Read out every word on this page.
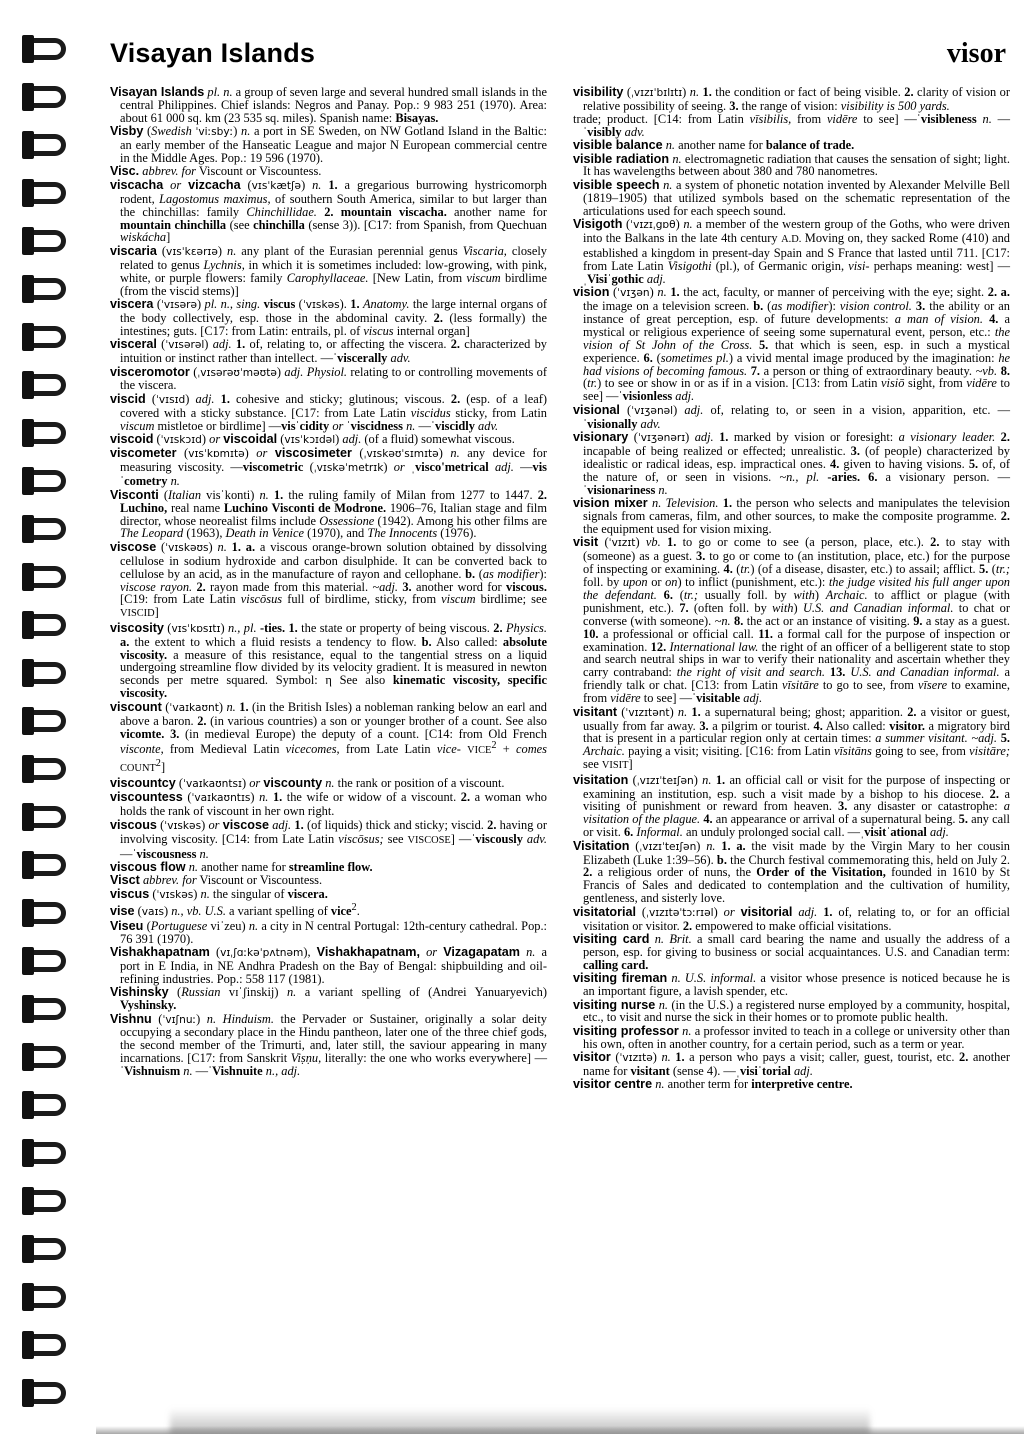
Visayan Islands	visor

Visayan Islands pl. n. a group of seven large and several hundred small islands in the central Philippines. Chief islands: Negros and Panay. Pop.: 9 983 251 (1970). Area: about 61 000 sq. km (23 535 sq. miles). Spanish name: Bisayas.

Visby (Swedish ˈviːsbyː) n. a port in SE Sweden, on NW Gotland Island in the Baltic: an early member of the Hanseatic League and major N European commercial centre in the Middle Ages. Pop.: 19 596 (1970).

Visc. abbrev. for Viscount or Viscountess.

viscacha or vizcacha (vɪsˈkætʃə) n. 1. a gregarious burrowing hystricomorph rodent, Lagostomus maximus, of southern South America, similar to but larger than the chinchillas: family Chinchillidae. 2. mountain viscacha. another name for mountain chinchilla (see chinchilla (sense 3)). [C17: from Spanish, from Quechuan wiskácha]

viscaria (vɪsˈkɛərɪə) n. any plant of the Eurasian perennial genus Viscaria, closely related to genus Lychnis, in which it is sometimes included: low-growing, with pink, white, or purple flowers: family Carophyllaceae. [New Latin, from viscum birdlime (from the viscid stems)]

viscera (ˈvɪsərə) pl. n., sing. viscus (ˈvɪskəs). 1. Anatomy. the large internal organs of the body collectively, esp. those in the abdominal cavity. 2. (less formally) the intestines; guts. [C17: from Latin: entrails, pl. of viscus internal organ]

visceral (ˈvɪsərəl) adj. 1. of, relating to, or affecting the viscera. 2. characterized by intuition or instinct rather than intellect. —ˈviscerally adv.

visceromotor (ˌvɪsərəʊˈməʊtə) adj. Physiol. relating to or controlling movements of the viscera.

viscid (ˈvɪsɪd) adj. 1. cohesive and sticky; glutinous; viscous. 2. (esp. of a leaf) covered with a sticky substance. [C17: from Late Latin viscidus sticky, from Latin viscum mistletoe or birdlime] —visˈcidity or ˈviscidness n. —ˈviscidly adv.

viscoid (ˈvɪskɔɪd) or viscoidal (vɪsˈkɔɪdəl) adj. (of a fluid) somewhat viscous.

viscometer (vɪsˈkɒmɪtə) or viscosimeter (ˌvɪskəʊˈsɪmɪtə) n. any device for measuring viscosity. —viscometric (ˌvɪskəˈmetrɪk) or ˌvisco'metrical adj. —visˈcometry n.

Visconti (Italian visˈkonti) n. 1. the ruling family of Milan from 1277 to 1447. 2. Luchino, real name Luchino Visconti de Modrone. 1906–76, Italian stage and film director, whose neorealist films include Ossessione (1942). Among his other films are The Leopard (1963), Death in Venice (1970), and The Innocents (1976).

viscose (ˈvɪskəʊs) n. 1. a. a viscous orange-brown solution obtained by dissolving cellulose in sodium hydroxide and carbon disulphide. It can be converted back to cellulose by an acid, as in the manufacture of rayon and cellophane. b. (as modifier): viscose rayon. 2. rayon made from this material. ~adj. 3. another word for viscous. [C19: from Late Latin viscōsus full of birdlime, sticky, from viscum birdlime; see VISCID]

viscosity (vɪsˈkɒsɪtɪ) n., pl. -ties. 1. the state or property of being viscous. 2. Physics. a. the extent to which a fluid resists a tendency to flow. b. Also called: absolute viscosity. a measure of this resistance, equal to the tangential stress on a liquid undergoing streamline flow divided by its velocity gradient. It is measured in newton seconds per metre squared. Symbol: η See also kinematic viscosity, specific viscosity.

viscount (ˈvaɪkaʊnt) n. 1. (in the British Isles) a nobleman ranking below an earl and above a baron. 2. (in various countries) a son or younger brother of a count. See also vicomte. 3. (in medieval Europe) the deputy of a count. [C14: from Old French visconte, from Medieval Latin vicecomes, from Late Latin vice- $VICE^2$ + comes COUNT$^2$]

viscountcy (ˈvaɪkaʊntsɪ) or viscounty n. the rank or position of a viscount.

viscountess (ˈvaɪkaʊntɪs) n. 1. the wife or widow of a viscount. 2. a woman who holds the rank of viscount in her own right.

viscous (ˈvɪskəs) or viscose adj. 1. (of liquids) thick and sticky; viscid. 2. having or involving viscosity. [C14: from Late Latin viscōsus; see VISCOSE] —ˈviscously adv. —ˈviscousness n.

viscous flow n. another name for streamline flow.

Visct abbrev. for Viscount or Viscountess.

viscus (ˈvɪskəs) n. the singular of viscera.

vise (vaɪs) n., vb. U.S. a variant spelling of vice$^2$.

Viseu (Portuguese viˈzeu) n. a city in N central Portugal: 12th-century cathedral. Pop.: 76 391 (1970).

Vishakhapatnam (vɪˌʃɑːkəˈpʌtnəm), Vishakhapatnam, or Vizagapatam n. a port in E India, in NE Andhra Pradesh on the Bay of Bengal: shipbuilding and oil-refining industries. Pop.: 558 117 (1981).

Vishinsky (Russian vɪˈʃinskij) n. a variant spelling of (Andrei Yanuaryevich) Vyshinsky.

Vishnu (ˈvɪʃnuː) n. Hinduism. the Pervader or Sustainer, originally a solar deity occupying a secondary place in the Hindu pantheon, later one of the three chief gods, the second member of the Trimurti, and, later still, the saviour appearing in many incarnations. [C17: from Sanskrit Viṣṇu, literally: the one who works everywhere] —ˈVishnuism n. —ˈVishnuite n., adj.

visibility (ˌvɪzɪˈbɪlɪtɪ) n. 1. the condition or fact of being visible. 2. clarity of vision or relative possibility of seeing. 3. the range of vision: visibility is 500 yards.

trade; product. [C14: from Latin vīsibilis, from vidēre to see] —ˈvisibleness n. —ˈvisibly adv.

visible balance n. another name for balance of trade.

visible radiation n. electromagnetic radiation that causes the sensation of sight; light. It has wavelengths between about 380 and 780 nanometres.

visible speech n. a system of phonetic notation invented by Alexander Melville Bell (1819–1905) that utilized symbols based on the schematic representation of the articulations used for each speech sound.

Visigoth (ˈvɪzɪˌgɒθ) n. a member of the western group of the Goths, who were driven into the Balkans in the late 4th century A.D. Moving on, they sacked Rome (410) and established a kingdom in present-day Spain and S France that lasted until 711. [C17: from Late Latin Visigothi (pl.), of Germanic origin, visi- perhaps meaning: west] —ˌVisiˈgothic adj.

vision (ˈvɪʒən) n. 1. the act, faculty, or manner of perceiving with the eye; sight. 2. a. the image on a television screen. b. (as modifier): vision control. 3. the ability or an instance of great perception, esp. of future developments: a man of vision. 4. a mystical or religious experience of seeing some supernatural event, person, etc.: the vision of St John of the Cross. 5. that which is seen, esp. in such a mystical experience. 6. (sometimes pl.) a vivid mental image produced by the imagination: he had visions of becoming famous. 7. a person or thing of extraordinary beauty. ~vb. 8. (tr.) to see or show in or as if in a vision. [C13: from Latin visiō sight, from vidēre to see] —ˈvisionless adj.

visional (ˈvɪʒənəl) adj. of, relating to, or seen in a vision, apparition, etc. —ˈvisionally adv.

visionary (ˈvɪʒənərɪ) adj. 1. marked by vision or foresight: a visionary leader. 2. incapable of being realized or effected; unrealistic. 3. (of people) characterized by idealistic or radical ideas, esp. impractical ones. 4. given to having visions. 5. of, of the nature of, or seen in visions. ~n., pl. -aries. 6. a visionary person. —ˈvisionariness n.

vision mixer n. Television. 1. the person who selects and manipulates the television signals from cameras, film, and other sources, to make the composite programme. 2. the equipment used for vision mixing.

visit (ˈvɪzɪt) vb. 1. to go or come to see (a person, place, etc.). 2. to stay with (someone) as a guest. 3. to go or come to (an institution, place, etc.) for the purpose of inspecting or examining. 4. (tr.) (of a disease, disaster, etc.) to assail; afflict. 5. (tr.; foll. by upon or on) to inflict (punishment, etc.): the judge visited his full anger upon the defendant. 6. (tr.; usually foll. by with) Archaic. to afflict or plague (with punishment, etc.). 7. (often foll. by with) U.S. and Canadian informal. to chat or converse (with someone). ~n. 8. the act or an instance of visiting. 9. a stay as a guest. 10. a professional or official call. 11. a formal call for the purpose of inspection or examination. 12. International law. the right of an officer of a belligerent state to stop and search neutral ships in war to verify their nationality and ascertain whether they carry contraband: the right of visit and search. 13. U.S. and Canadian informal. a friendly talk or chat. [C13: from Latin vīsitāre to go to see, from vīsere to examine, from vidēre to see] —ˈvisitable adj.

visitant (ˈvɪzɪtənt) n. 1. a supernatural being; ghost; apparition. 2. a visitor or guest, usually from far away. 3. a pilgrim or tourist. 4. Also called: visitor. a migratory bird that is present in a particular region only at certain times: a summer visitant. ~adj. 5. Archaic. paying a visit; visiting. [C16: from Latin vīsitāns going to see, from visitāre; see VISIT]

visitation (ˌvɪzɪˈteɪʃən) n. 1. an official call or visit for the purpose of inspecting or examining an institution, esp. such a visit made by a bishop to his diocese. 2. a visiting of punishment or reward from heaven. 3. any disaster or catastrophe: a visitation of the plague. 4. an appearance or arrival of a supernatural being. 5. any call or visit. 6. Informal. an unduly prolonged social call. —ˌvisitˈational adj.

Visitation (ˌvɪzɪˈteɪʃən) n. 1. a. the visit made by the Virgin Mary to her cousin Elizabeth (Luke 1:39–56). b. the Church festival commemorating this, held on July 2. 2. a religious order of nuns, the Order of the Visitation, founded in 1610 by St Francis of Sales and dedicated to contemplation and the cultivation of humility, gentleness, and sisterly love.

visitatorial (ˌvɪzɪtəˈtɔːrɪəl) or visitorial adj. 1. of, relating to, or for an official visitation or visitor. 2. empowered to make official visitations.

visiting card n. Brit. a small card bearing the name and usually the address of a person, esp. for giving to business or social acquaintances. U.S. and Canadian term: calling card.

visiting fireman n. U.S. informal. a visitor whose presence is noticed because he is an important figure, a lavish spender, etc.

visiting nurse n. (in the U.S.) a registered nurse employed by a community, hospital, etc., to visit and nurse the sick in their homes or to promote public health.

visiting professor n. a professor invited to teach in a college or university other than his own, often in another country, for a certain period, such as a term or year.

visitor (ˈvɪzɪtə) n. 1. a person who pays a visit; caller, guest, tourist, etc. 2. another name for visitant (sense 4). —ˌvisiˈtorial adj.

visitor centre n. another term for interpretive centre.
